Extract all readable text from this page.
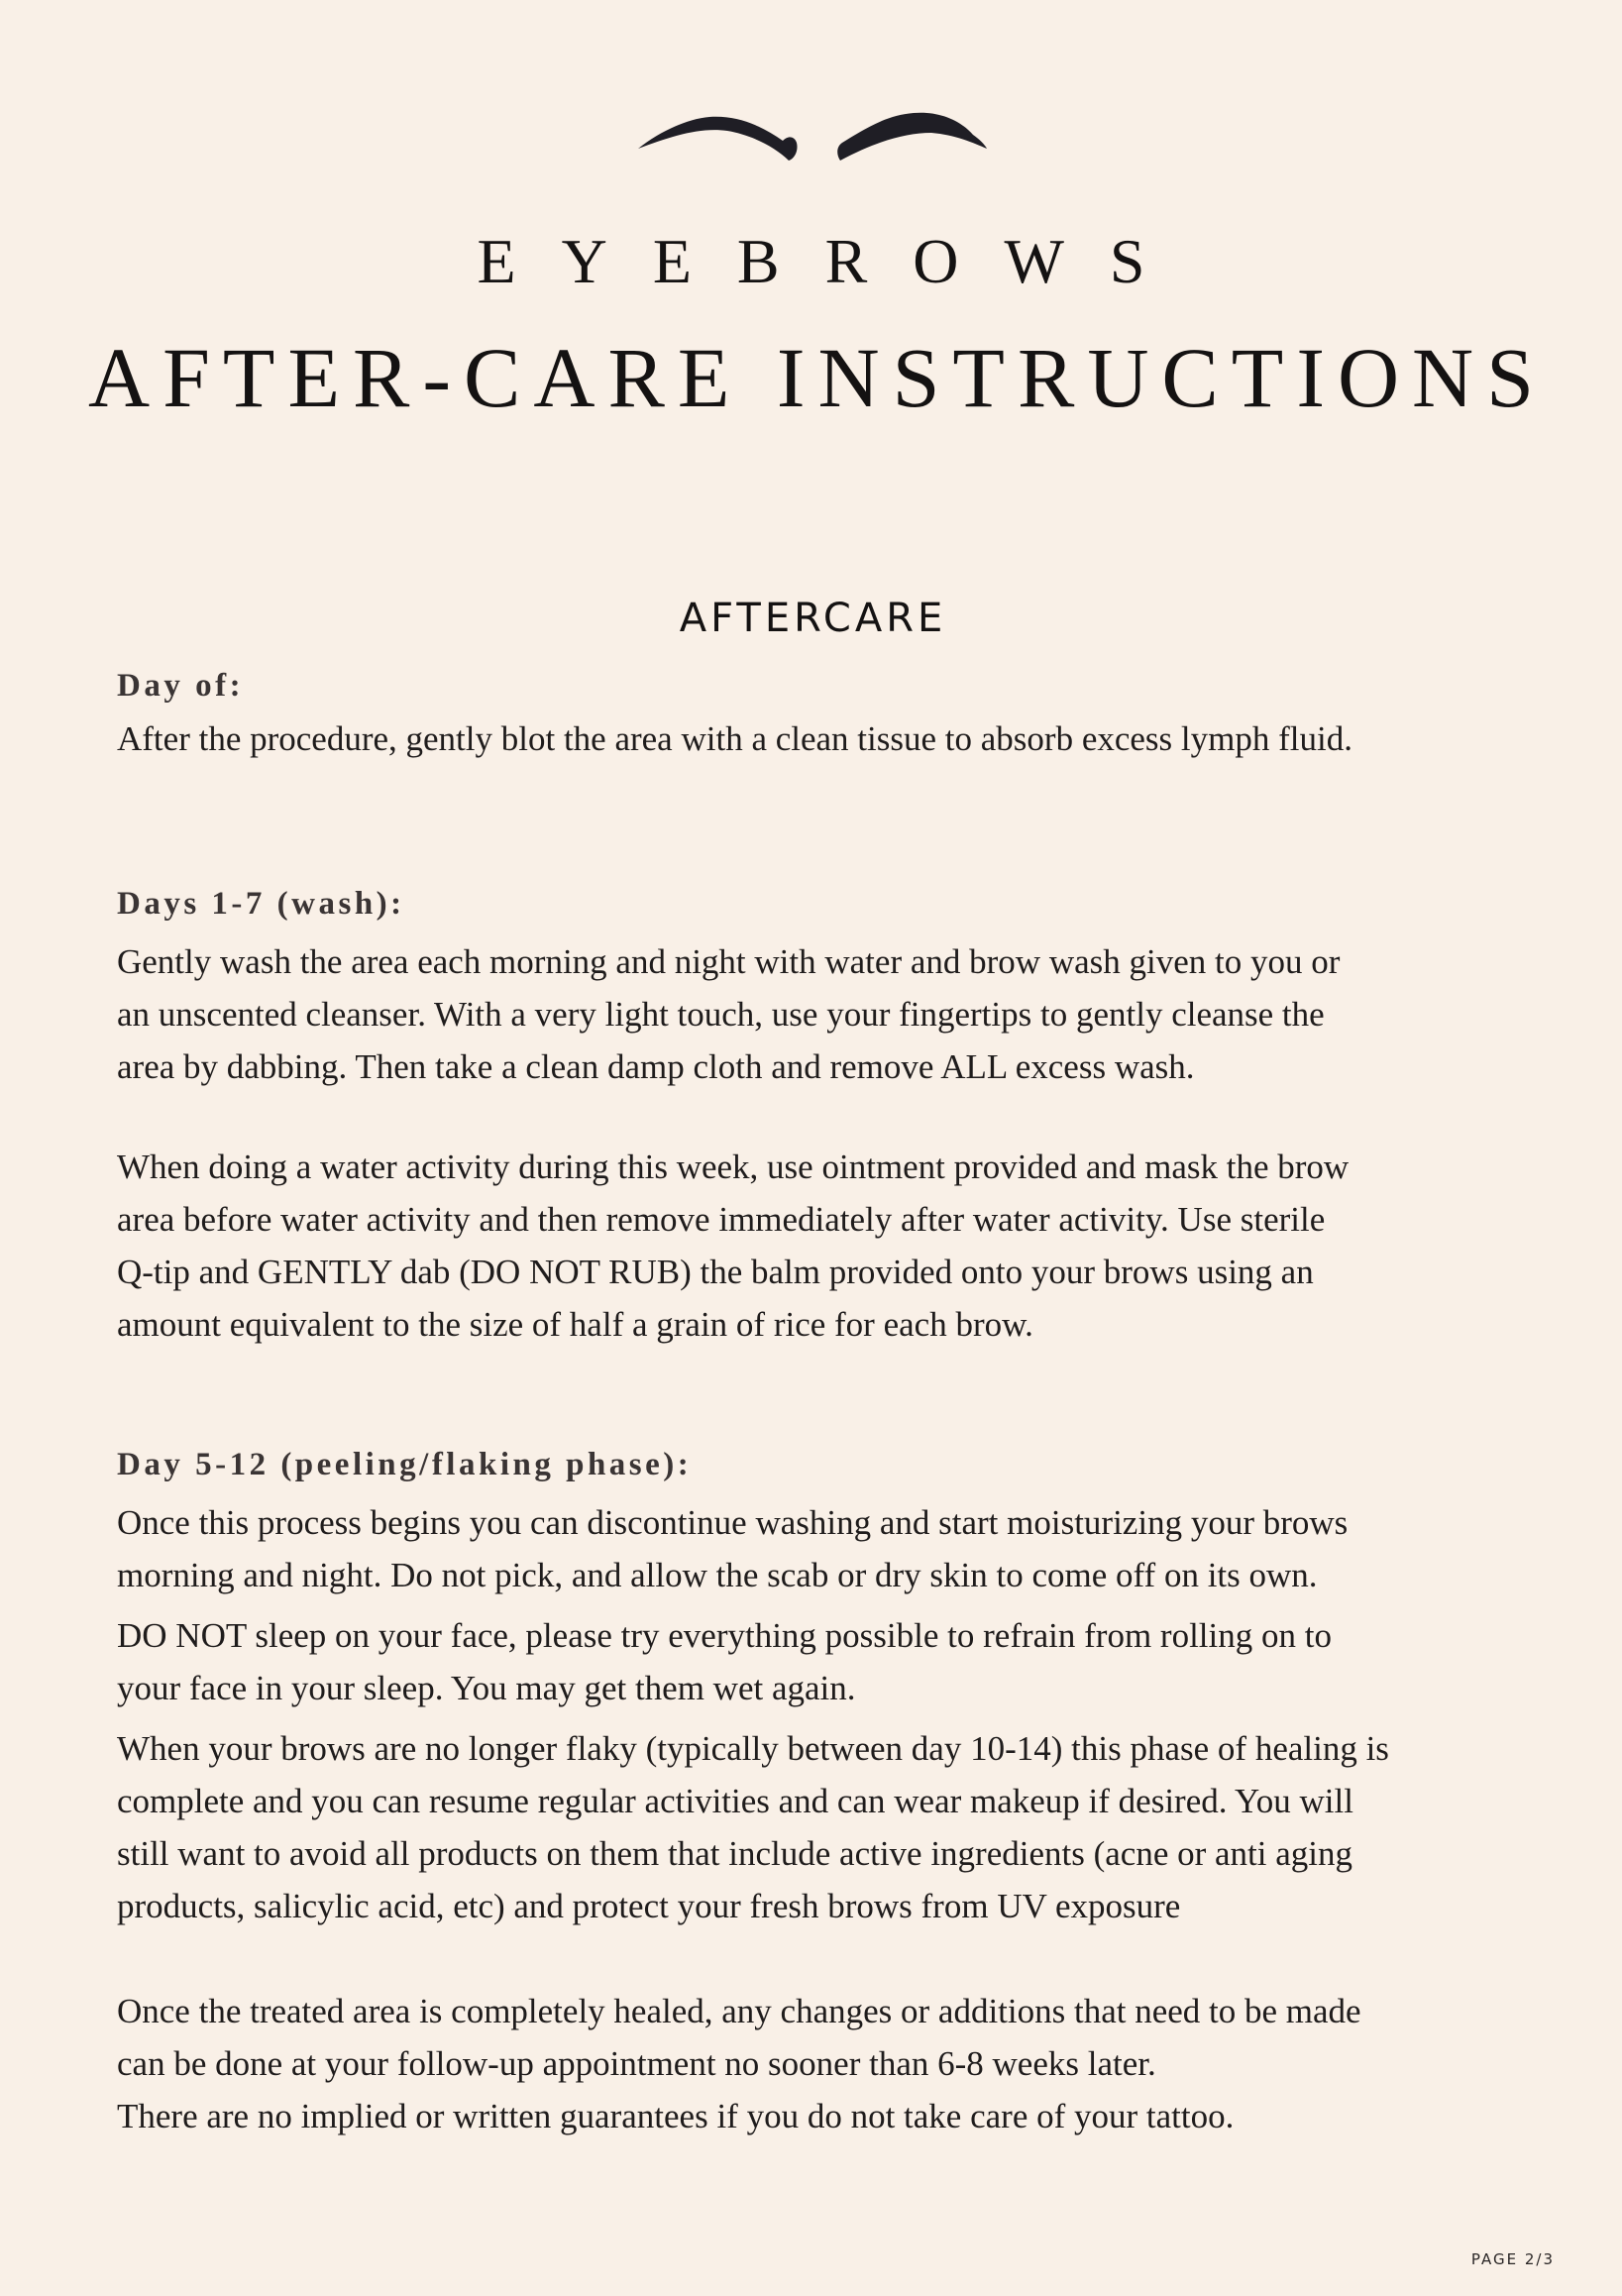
EYEBROWS
AFTER-CARE INSTRUCTIONS
AFTERCARE
Day of:

After the procedure, gently blot the area with a clean tissue to absorb excess lymph fluid.

Days 1-7 (wash):

Gently wash the area each morning and night with water and brow wash given to you or
an unscented cleanser. With a very light touch, use your fingertips to gently cleanse the
area by dabbing. Then take a clean damp cloth and remove ALL excess wash.

When doing a water activity during this week, use ointment provided and mask the brow
area before water activity and then remove immediately after water activity. Use sterile
Q-tip and GENTLY dab (DO NOT RUB) the balm provided onto your brows using an
amount equivalent to the size of half a grain of rice for each brow.

Day 5-12 (peeling/flaking phase):

Once this process begins you can discontinue washing and start moisturizing your brows
morning and night. Do not pick, and allow the scab or dry skin to come off on its own.

DO NOT sleep on your face, please try everything possible to refrain from rolling on to
your face in your sleep. You may get them wet again.

When your brows are no longer flaky (typically between day 10-14) this phase of healing is
complete and you can resume regular activities and can wear makeup if desired. You will
still want to avoid all products on them that include active ingredients (acne or anti aging
products, salicylic acid, etc) and protect your fresh brows from UV exposure

Once the treated area is completely healed, any changes or additions that need to be made
can be done at your follow-up appointment no sooner than 6-8 weeks later.
There are no implied or written guarantees if you do not take care of your tattoo.

PAGE 2/3
